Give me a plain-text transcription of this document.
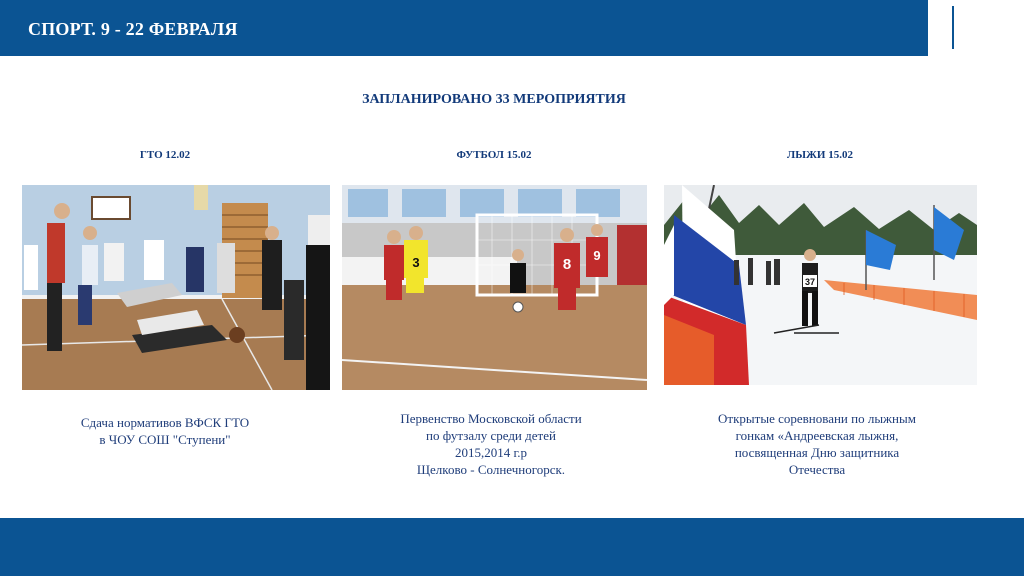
СПОРТ. 9 - 22 ФЕВРАЛЯ
ЗАПЛАНИРОВАНО 33 МЕРОПРИЯТИЯ
ГТО 12.02
Сдача нормативов ВФСК ГТО
в ЧОУ СОШ "Ступени"
ФУТБОЛ 15.02
3	8
9
Первенство Московской области
по футзалу среди детей
2015,2014 г.р
Щелково - Солнечногорск.
ЛЫЖИ 15.02
37
Открытые соревновани по лыжным
гонкам «Андреевская лыжня,
посвященная Дню защитника
Отечества
